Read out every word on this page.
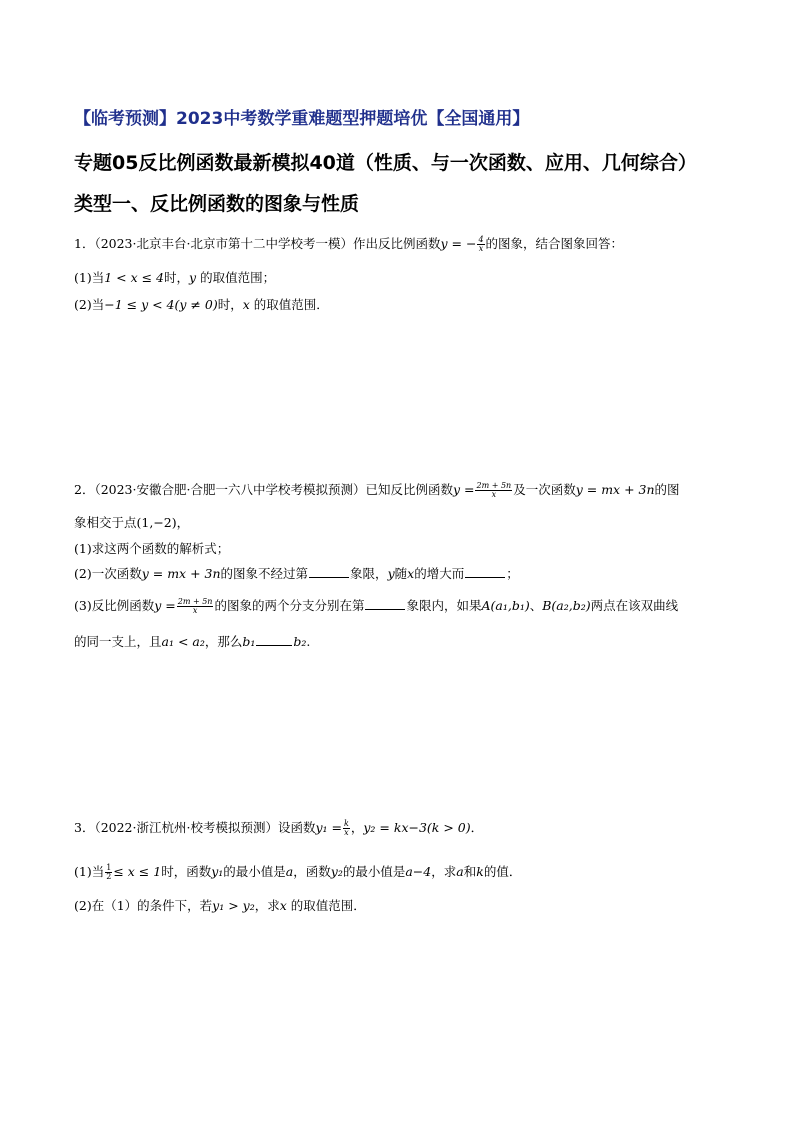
【临考预测】2023中考数学重难题型押题培优【全国通用】
专题05反比例函数最新模拟40道（性质、与一次函数、应用、几何综合）
类型一、反比例函数的图象与性质
1．（2023·北京丰台·北京市第十二中学校考一模）作出反比例函数y = − $\frac{4}{x}$ 的图象，结合图象回答：
(1)当1 < x ≤ 4时，y 的取值范围；
(2)当−1 ≤ y < 4(y ≠ 0)时，x 的取值范围．
2．（2023·安徽合肥·合肥一六八中学校考模拟预测）已知反比例函数$y = \frac{2m + 5n}{x}$ 及一次函数y = mx + 3n的图
象相交于点(1,−2)，
(1)求这两个函数的解析式；
(2)一次函数y = mx + 3n的图象不经过第	象限，y随x的增大而	；
(3)反比例函数$y = \frac{2m + 5n}{x}$ 的图象的两个分支分别在第	象限内，如果A(a₁,b₁)、B(a₂,b₂)两点在该双曲线
的同一支上，且a₁ < a₂，那么b₁	b₂.
3．（2022·浙江杭州·校考模拟预测）设函数$y_1 = \frac{k}{x}$ ，y₂ = kx−3(k > 0)．
(1)当 $\frac{1}{2} \le x \le 1$时，函数y₁的最小值是a，函数y₂的最小值是a−4，求a和k的值．
(2)在（1）的条件下，若y₁ > y₂，求x 的取值范围．
